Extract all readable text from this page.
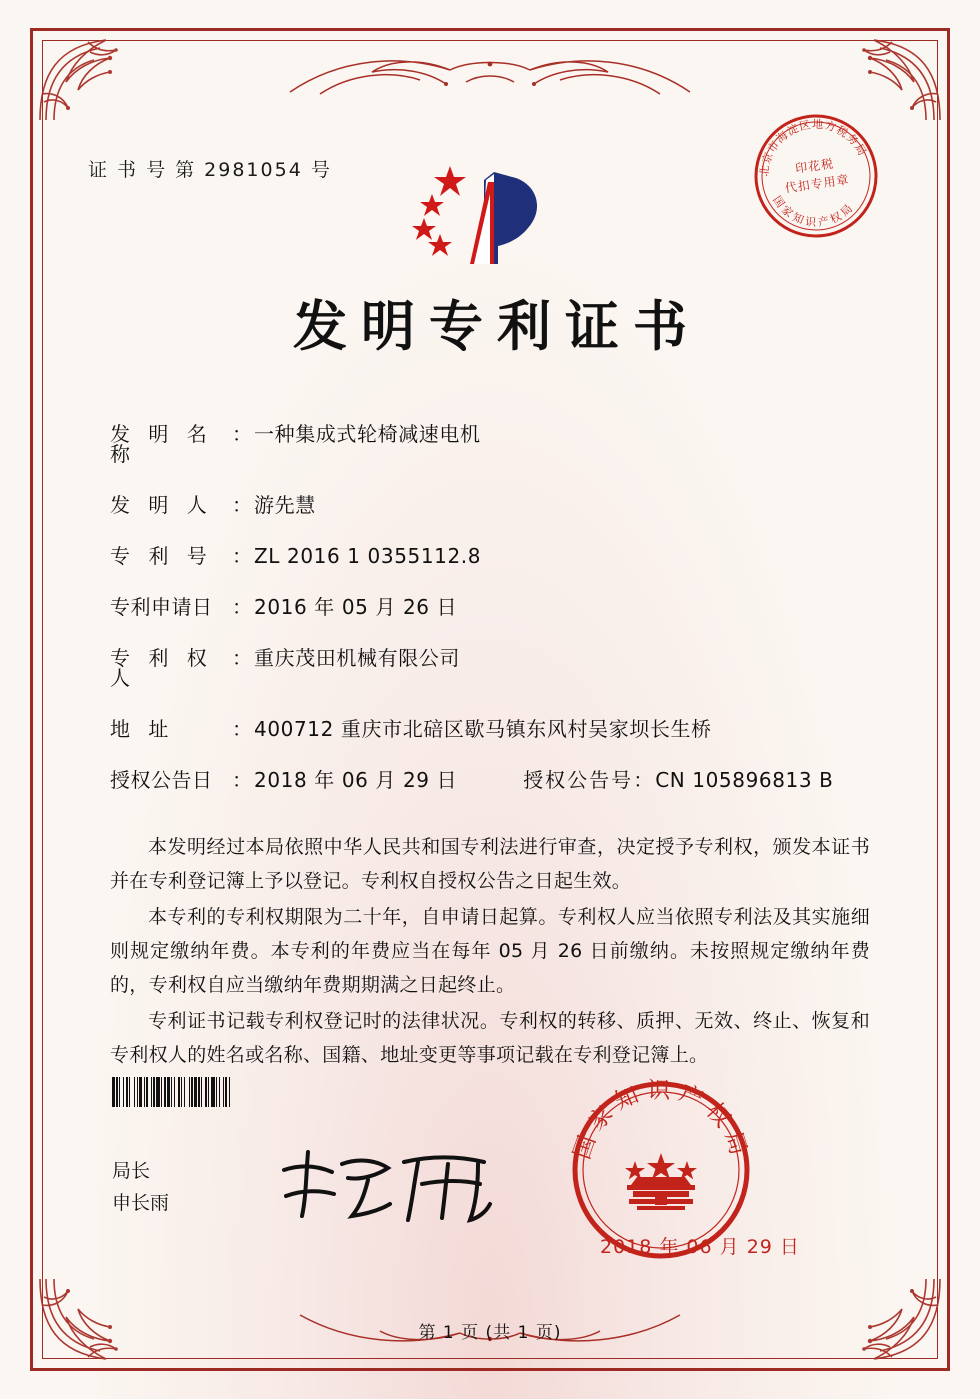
证 书 号 第 2981054 号	北京市海淀区地方税务局
国家知识产权局
印花税
代扣专用章
发明专利证书
发 明 名 称
： 一种集成式轮椅减速电机
发 明 人 ： 游先慧
专 利 号 ： ZL 2016 1 0355112.8
专利申请日 ： 2016 年 05 月 26 日
专 利 权 人
： 重庆茂田机械有限公司
地 址	： 400712 重庆市北碚区歇马镇东风村吴家坝长生桥
授权公告日 ： 2018 年 06 月 29 日	授权公告号 ： CN 105896813 B

本发明经过本局依照中华人民共和国专利法进行审查，决定授予专利权，颁发本证书并在专利登记簿上予以登记。专利权自授权公告之日起生效。

本专利的专利权期限为二十年，自申请日起算。专利权人应当依照专利法及其实施细则规定缴纳年费。本专利的年费应当在每年 05 月 26 日前缴纳。未按照规定缴纳年费的，专利权自应当缴纳年费期期满之日起终止。

专利证书记载专利权登记时的法律状况。专利权的转移、质押、无效、终止、恢复和专利权人的姓名或名称、国籍、地址变更等事项记载在专利登记簿上。

局长
申长雨
国家知识产权局
2018 年 06 月 29 日
第 1 页 (共 1 页)
